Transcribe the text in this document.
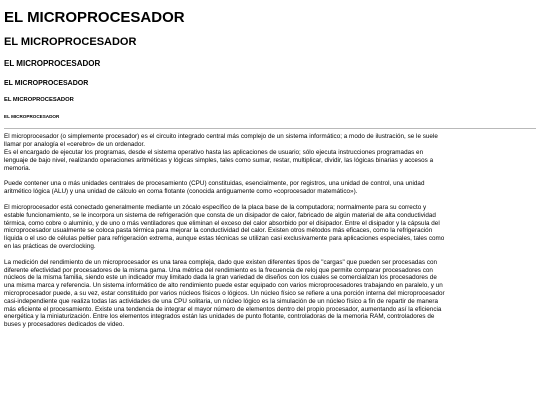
EL MICROPROCESADOR
EL MICROPROCESADOR
EL MICROPROCESADOR
EL MICROPROCESADOR
EL MICROPROCESADOR
EL MICROPROCESADOR

El microprocesador (o simplemente procesador) es el circuito integrado central más complejo de un sistema informático; a modo de ilustración, se le suele
llamar por analogía el «cerebro» de un ordenador.
Es el encargado de ejecutar los programas, desde el sistema operativo hasta las aplicaciones de usuario; sólo ejecuta instrucciones programadas en
lenguaje de bajo nivel, realizando operaciones aritméticas y lógicas simples, tales como sumar, restar, multiplicar, dividir, las lógicas binarias y accesos a
memoria.

Puede contener una o más unidades centrales de procesamiento (CPU) constituidas, esencialmente, por registros, una unidad de control, una unidad
aritmético lógica (ALU) y una unidad de cálculo en coma flotante (conocida antiguamente como «coprocesador matemático»).

El microprocesador está conectado generalmente mediante un zócalo específico de la placa base de la computadora; normalmente para su correcto y
estable funcionamiento, se le incorpora un sistema de refrigeración que consta de un disipador de calor, fabricado de algún material de alta conductividad
térmica, como cobre o aluminio, y de uno o más ventiladores que eliminan el exceso del calor absorbido por el disipador. Entre el disipador y la cápsula del
microprocesador usualmente se coloca pasta térmica para mejorar la conductividad del calor. Existen otros métodos más eficaces, como la refrigeración
líquida o el uso de células peltier para refrigeración extrema, aunque estas técnicas se utilizan casi exclusivamente para aplicaciones especiales, tales como
en las prácticas de overclocking.

La medición del rendimiento de un microprocesador es una tarea compleja, dado que existen diferentes tipos de "cargas" que pueden ser procesadas con
diferente efectividad por procesadores de la misma gama. Una métrica del rendimiento es la frecuencia de reloj que permite comparar procesadores con
núcleos de la misma familia, siendo este un indicador muy limitado dada la gran variedad de diseños con los cuales se comercializan los procesadores de
una misma marca y referencia. Un sistema informático de alto rendimiento puede estar equipado con varios microprocesadores trabajando en paralelo, y un
microprocesador puede, a su vez, estar constituido por varios núcleos físicos o lógicos. Un núcleo físico se refiere a una porción interna del microprocesador
casi-independiente que realiza todas las actividades de una CPU solitaria, un núcleo lógico es la simulación de un núcleo físico a fin de repartir de manera
más eficiente el procesamiento. Existe una tendencia de integrar el mayor número de elementos dentro del propio procesador, aumentando así la eficiencia
energética y la miniaturización. Entre los elementos integrados están las unidades de punto flotante, controladoras de la memoria RAM, controladores de
buses y procesadores dedicados de video.
